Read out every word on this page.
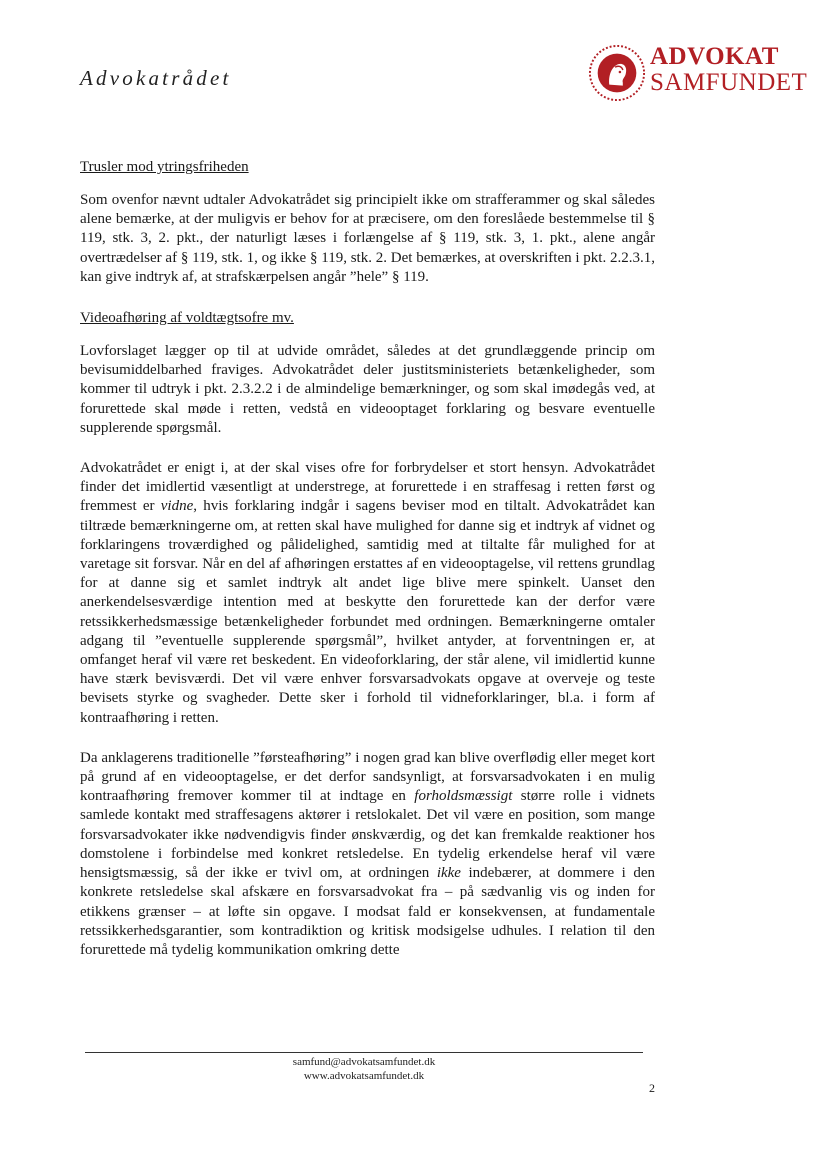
Advokatrådet
ADVOKAT
SAMFUNDET
Trusler mod ytringsfriheden

Som ovenfor nævnt udtaler Advokatrådet sig principielt ikke om strafferammer og skal således alene bemærke, at der muligvis er behov for at præcisere, om den foreslåede bestemmelse til § 119, stk. 3, 2. pkt., der naturligt læses i forlængelse af § 119, stk. 3, 1. pkt., alene angår overtrædelser af § 119, stk. 1, og ikke § 119, stk. 2. Det bemærkes, at overskriften i pkt. 2.2.3.1, kan give indtryk af, at strafskærpelsen angår ”hele” § 119.

Videoafhøring af voldtægtsofre mv.

Lovforslaget lægger op til at udvide området, således at det grundlæggende princip om bevisumiddelbarhed fraviges. Advokatrådet deler justitsministeriets betænkeligheder, som kommer til udtryk i pkt. 2.3.2.2 i de almindelige bemærkninger, og som skal imødegås ved, at forurettede skal møde i retten, vedstå en videooptaget forklaring og besvare eventuelle supplerende spørgsmål.

Advokatrådet er enigt i, at der skal vises ofre for forbrydelser et stort hensyn. Advokatrådet finder det imidlertid væsentligt at understrege, at forurettede i en straffesag i retten først og fremmest er vidne, hvis forklaring indgår i sagens beviser mod en tiltalt. Advokatrådet kan tiltræde bemærkningerne om, at retten skal have mulighed for danne sig et indtryk af vidnet og forklaringens troværdighed og pålidelighed, samtidig med at tiltalte får mulighed for at varetage sit forsvar. Når en del af afhøringen erstattes af en videooptagelse, vil rettens grundlag for at danne sig et samlet indtryk alt andet lige blive mere spinkelt. Uanset den anerkendelsesværdige intention med at beskytte den forurettede kan der derfor være retssikkerhedsmæssige betænkeligheder forbundet med ordningen. Bemærkningerne omtaler adgang til ”eventuelle supplerende spørgsmål”, hvilket antyder, at forventningen er, at omfanget heraf vil være ret beskedent. En videoforklaring, der står alene, vil imidlertid kunne have stærk bevisværdi. Det vil være enhver forsvarsadvokats opgave at overveje og teste bevisets styrke og svagheder. Dette sker i forhold til vidneforklaringer, bl.a. i form af kontraafhøring i retten.

Da anklagerens traditionelle ”førsteafhøring” i nogen grad kan blive overflødig eller meget kort på grund af en videooptagelse, er det derfor sandsynligt, at forsvarsadvokaten i en mulig kontraafhøring fremover kommer til at indtage en forholdsmæssigt større rolle i vidnets samlede kontakt med straffesagens aktører i retslokalet. Det vil være en position, som mange forsvarsadvokater ikke nødvendigvis finder ønskværdig, og det kan fremkalde reaktioner hos domstolene i forbindelse med konkret retsledelse. En tydelig erkendelse heraf vil være hensigtsmæssig, så der ikke er tvivl om, at ordningen ikke indebærer, at dommere i den konkrete retsledelse skal afskære en forsvarsadvokat fra – på sædvanlig vis og inden for etikkens grænser – at løfte sin opgave. I modsat fald er konsekvensen, at fundamentale retssikkerhedsgarantier, som kontradiktion og kritisk modsigelse udhules. I relation til den forurettede må tydelig kommunikation omkring dette

samfund@advokatsamfundet.dk
www.advokatsamfundet.dk
2
